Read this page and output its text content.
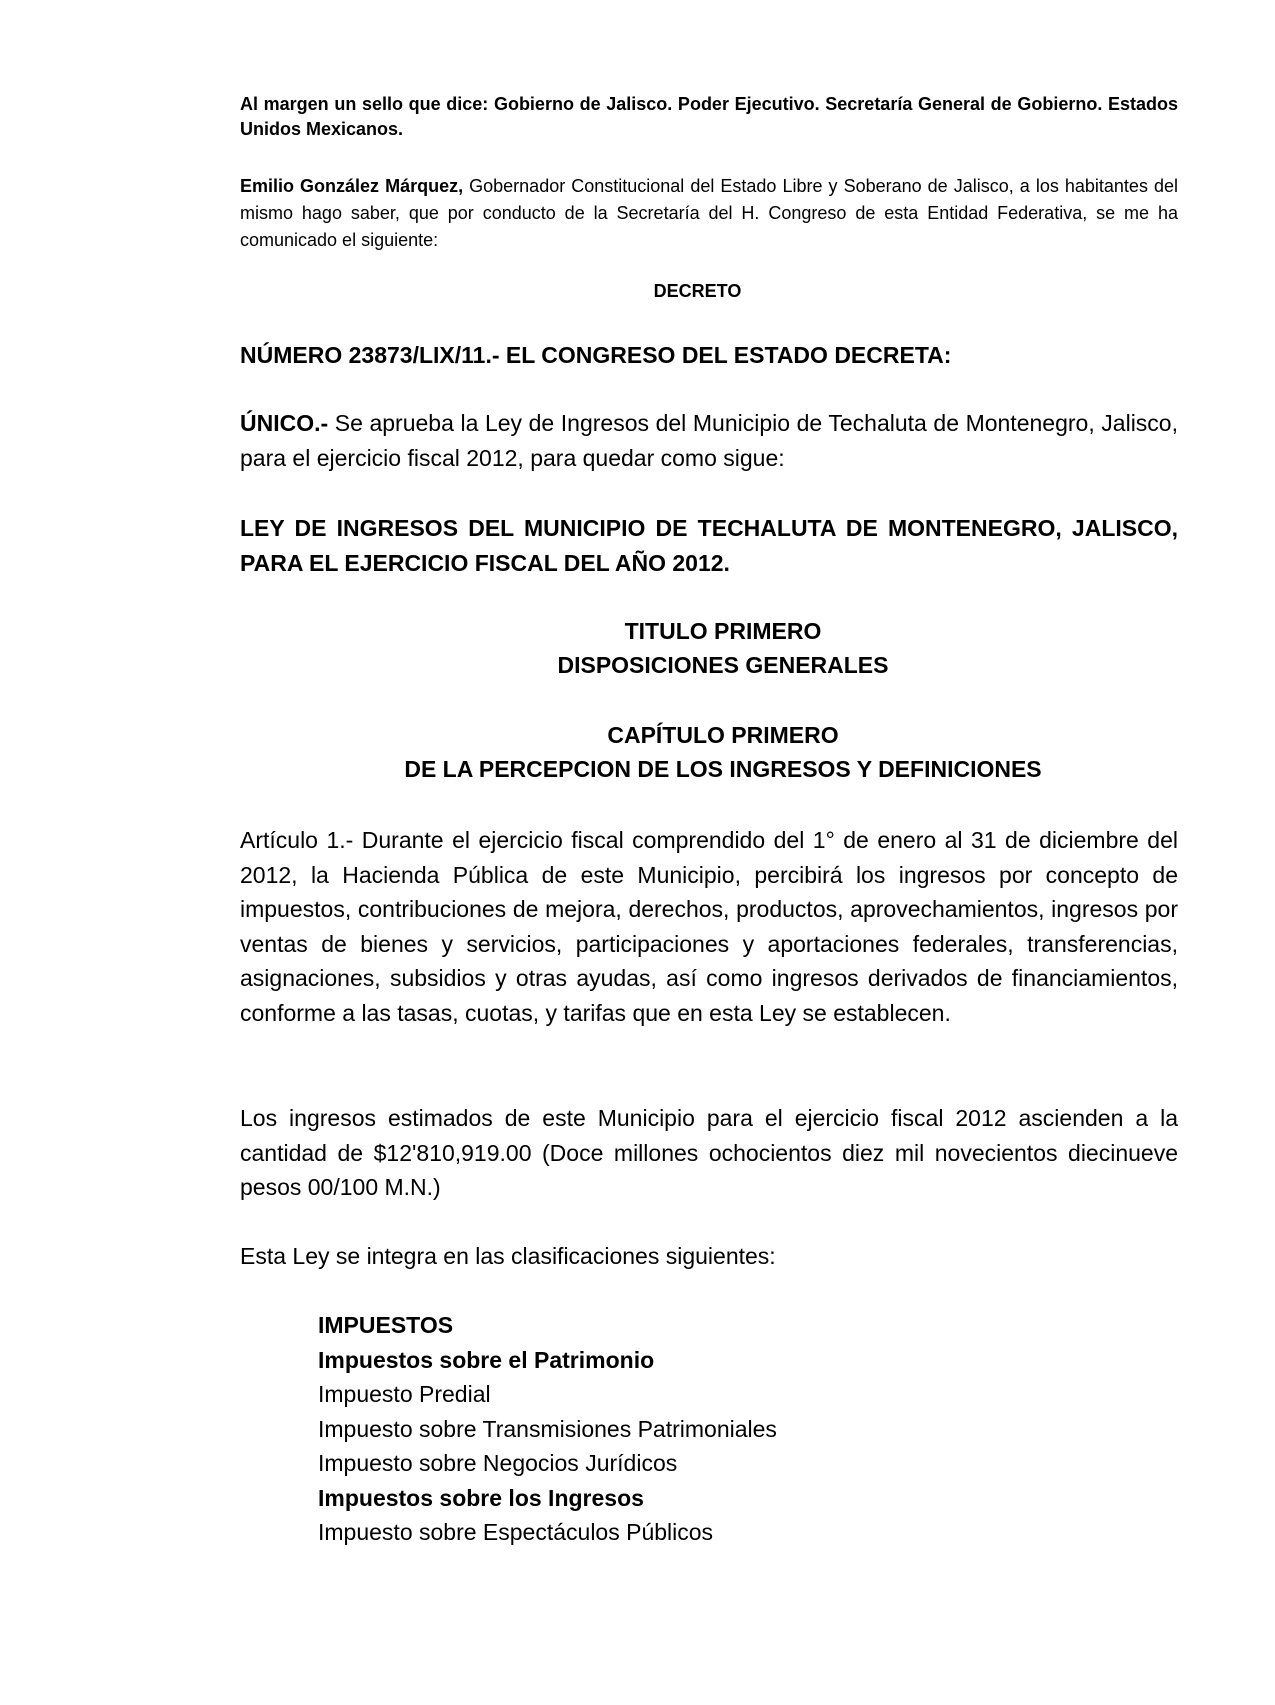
Al margen un sello que dice: Gobierno de Jalisco. Poder Ejecutivo. Secretaría General de Gobierno. Estados Unidos Mexicanos.
Emilio González Márquez, Gobernador Constitucional del Estado Libre y Soberano de Jalisco, a los habitantes del mismo hago saber, que por conducto de la Secretaría del H. Congreso de esta Entidad Federativa, se me ha comunicado el siguiente:
DECRETO
NÚMERO 23873/LIX/11.- EL CONGRESO DEL ESTADO DECRETA:
ÚNICO.- Se aprueba la Ley de Ingresos del Municipio de Techaluta de Montenegro, Jalisco, para el ejercicio fiscal 2012, para quedar como sigue:
LEY DE INGRESOS DEL MUNICIPIO DE TECHALUTA DE MONTENEGRO, JALISCO, PARA EL EJERCICIO FISCAL DEL AÑO 2012.
TITULO PRIMERO
DISPOSICIONES GENERALES
CAPÍTULO PRIMERO
DE LA PERCEPCION DE LOS INGRESOS Y DEFINICIONES
Artículo 1.- Durante el ejercicio fiscal comprendido del 1° de enero al 31 de diciembre del 2012, la Hacienda Pública de este Municipio, percibirá los ingresos por concepto de impuestos, contribuciones de mejora, derechos, productos, aprovechamientos, ingresos por ventas de bienes y servicios, participaciones y aportaciones federales, transferencias, asignaciones, subsidios y otras ayudas, así como ingresos derivados de financiamientos, conforme a las tasas, cuotas, y tarifas que en esta Ley se establecen.
Los ingresos estimados de este Municipio para el ejercicio fiscal 2012 ascienden a la cantidad de $12'810,919.00 (Doce millones ochocientos diez mil novecientos diecinueve pesos 00/100 M.N.)
Esta Ley se integra en las clasificaciones siguientes:
IMPUESTOS
Impuestos sobre el Patrimonio
Impuesto Predial
Impuesto sobre Transmisiones Patrimoniales
Impuesto sobre Negocios Jurídicos
Impuestos sobre los Ingresos
Impuesto sobre Espectáculos Públicos
